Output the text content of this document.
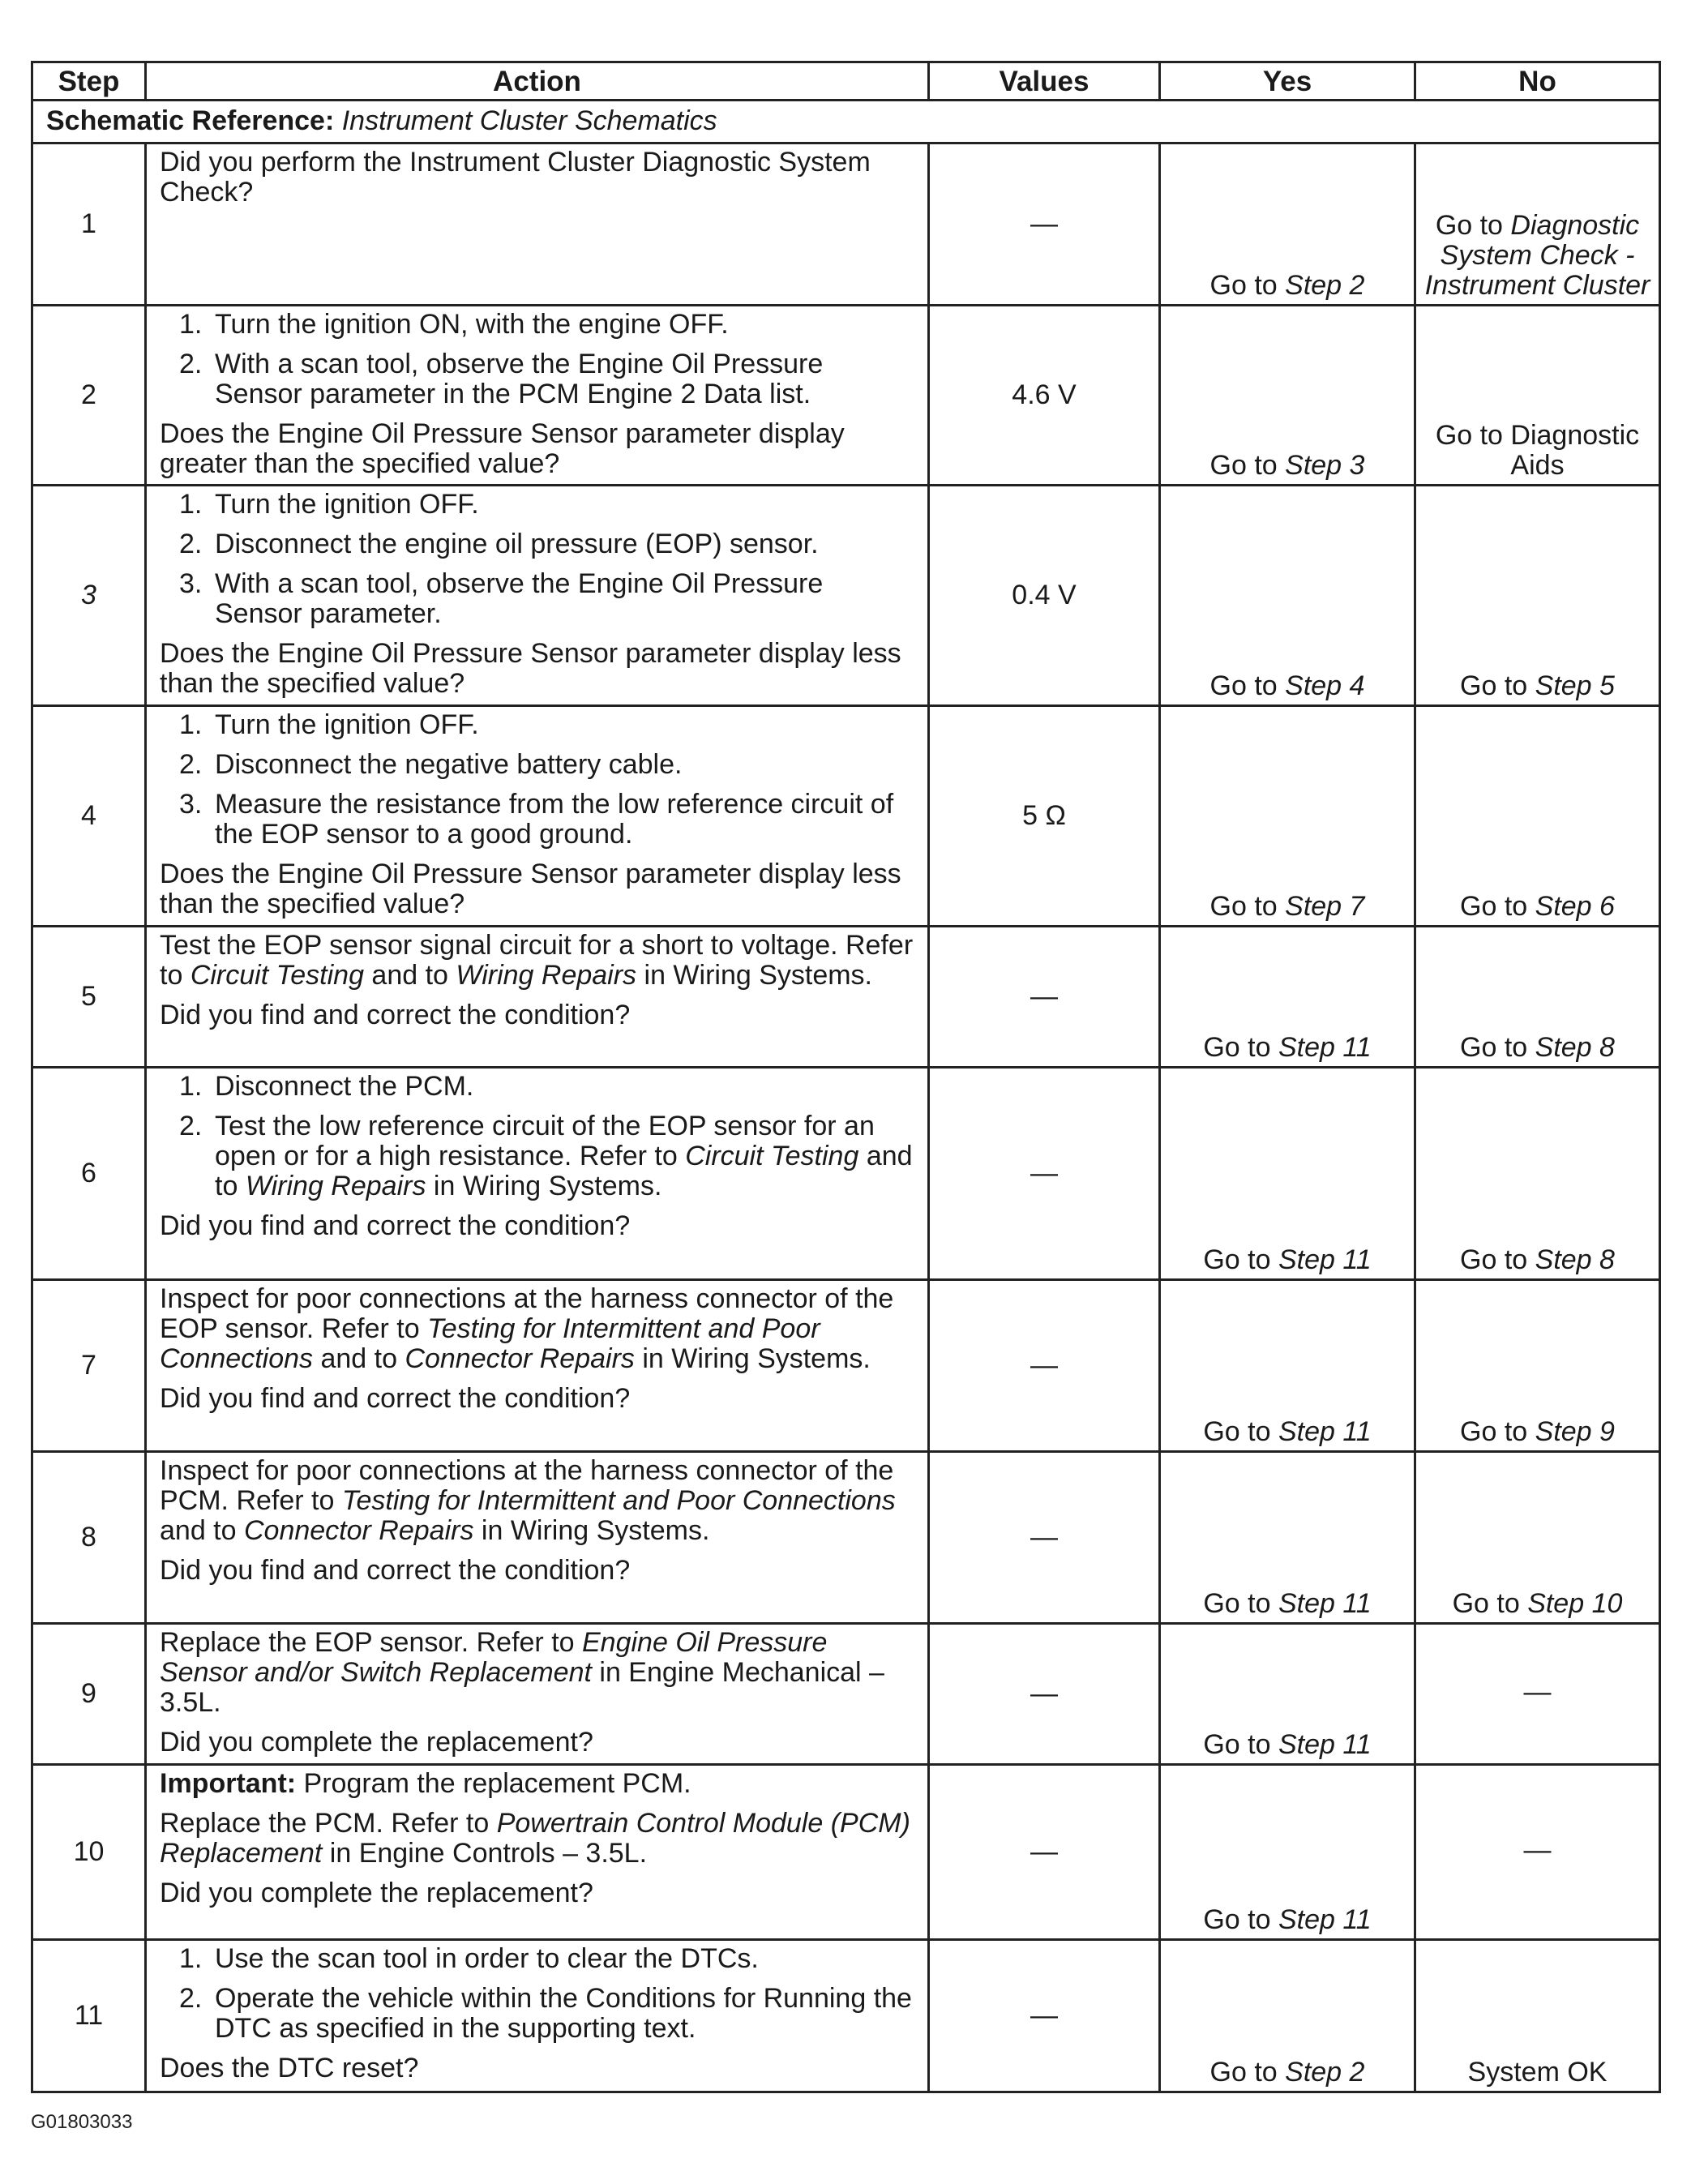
Step	Action	Values	Yes	No
Schematic Reference: Instrument Cluster Schematics				
1	Did you perform the Instrument Cluster Diagnostic System Check?	—	Go to Step 2	Go to Diagnostic System Check - Instrument Cluster
2	1. Turn the ignition ON, with the engine OFF.
2. With a scan tool, observe the Engine Oil Pressure Sensor parameter in the PCM Engine 2 Data list.
Does the Engine Oil Pressure Sensor parameter display greater than the specified value?	4.6 V	Go to Step 3	Go to Diagnostic Aids
3	1. Turn the ignition OFF.
2. Disconnect the engine oil pressure (EOP) sensor.
3. With a scan tool, observe the Engine Oil Pressure Sensor parameter.
Does the Engine Oil Pressure Sensor parameter display less than the specified value?	0.4 V	Go to Step 4	Go to Step 5
4	1. Turn the ignition OFF.
2. Disconnect the negative battery cable.
3. Measure the resistance from the low reference circuit of the EOP sensor to a good ground.
Does the Engine Oil Pressure Sensor parameter display less than the specified value?	5 Ω	Go to Step 7	Go to Step 6
5	Test the EOP sensor signal circuit for a short to voltage. Refer to Circuit Testing and to Wiring Repairs in Wiring Systems.
Did you find and correct the condition?	—	Go to Step 11	Go to Step 8
6	1. Disconnect the PCM.
2. Test the low reference circuit of the EOP sensor for an open or for a high resistance. Refer to Circuit Testing and to Wiring Repairs in Wiring Systems.
Did you find and correct the condition?	—	Go to Step 11	Go to Step 8
7	Inspect for poor connections at the harness connector of the EOP sensor. Refer to Testing for Intermittent and Poor Connections and to Connector Repairs in Wiring Systems.
Did you find and correct the condition?	—	Go to Step 11	Go to Step 9
8	Inspect for poor connections at the harness connector of the PCM. Refer to Testing for Intermittent and Poor Connections and to Connector Repairs in Wiring Systems.
Did you find and correct the condition?	—	Go to Step 11	Go to Step 10
9	Replace the EOP sensor. Refer to Engine Oil Pressure Sensor and/or Switch Replacement in Engine Mechanical – 3.5L.
Did you complete the replacement?	—	Go to Step 11	—
10	Important: Program the replacement PCM.
Replace the PCM. Refer to Powertrain Control Module (PCM) Replacement in Engine Controls – 3.5L.
Did you complete the replacement?	—	Go to Step 11	—
11	1. Use the scan tool in order to clear the DTCs.
2. Operate the vehicle within the Conditions for Running the DTC as specified in the supporting text.
Does the DTC reset?	—	Go to Step 2	System OK
G01803033
